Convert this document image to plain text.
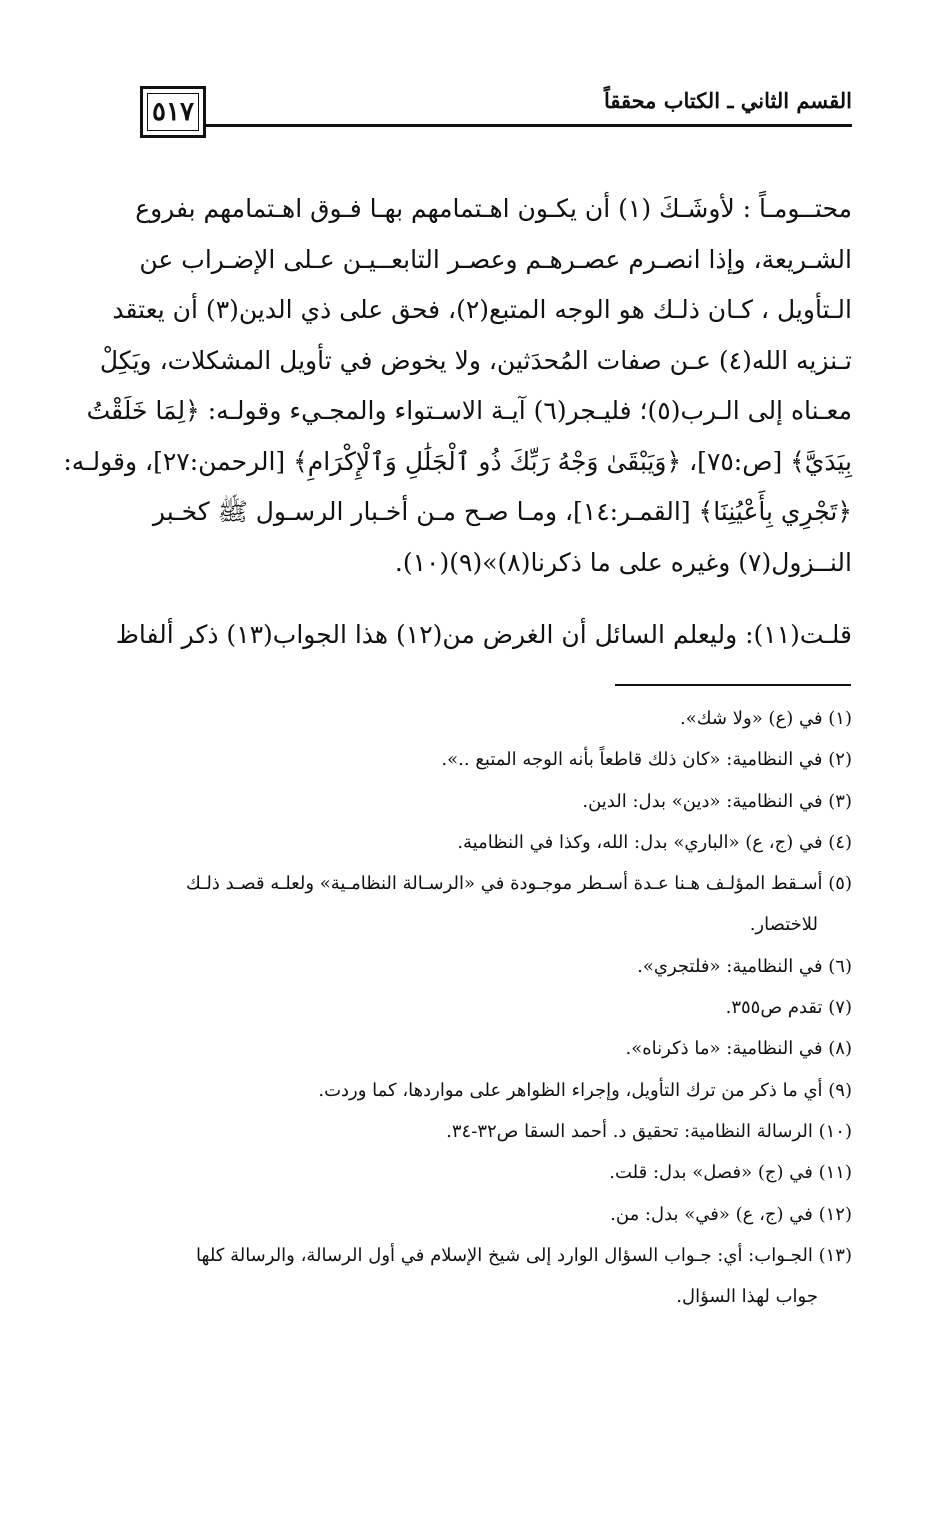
٥١٧	القسم الثاني ـ الكتاب محققاً
محتــومـاً : لأوشَـكَ (١) أن يكـون اهـتمامهم بهـا فـوق اهـتمامهم بفروع
الشـريعة، وإذا انصـرم عصـرهـم وعصـر التابعــيـن عـلى الإضـراب عن
الـتأويل ، كـان ذلـك هو الوجه المتبع(٢)، فحق على ذي الدين(٣) أن يعتقد
تـنزيه الله(٤) عـن صفات المُحدَثين، ولا يخوض في تأويل المشكلات، ويَكِلْ
معـناه إلى الـرب(٥)؛ فليـجر(٦) آيـة الاسـتواء والمجـيء وقولـه: ﴿لِمَا خَلَقْتُ
بِيَدَيَّ﴾ [ص:٧٥]، ﴿وَيَبْقَىٰ وَجْهُ رَبِّكَ ذُو ٱلْجَلَٰلِ وَٱلْإِكْرَامِ﴾ [الرحمن:٢٧]، وقولـه:
﴿تَجْرِي بِأَعْيُنِنَا﴾ [القمـر:١٤]، ومـا صـح مـن أخـبار الرسـول ﷺ كخـبر
النــزول(٧) وغيره على ما ذكرنا(٨)»(٩)(١٠).
قلـت(١١): وليعلم السائل أن الغرض من(١٢) هذا الجواب(١٣) ذكر ألفاظ
(١) في (ع) «ولا شك».
(٢) في النظامية: «كان ذلك قاطعاً بأنه الوجه المتبع ..».
(٣) في النظامية: «دين» بدل: الدين.
(٤) في (ج، ع) «الباري» بدل: الله، وكذا في النظامية.
(٥) أسـقط المؤلـف هـنا عـدة أسـطر موجـودة في «الرسـالة النظامـية» ولعلـه قصـد ذلـك
للاختصار.
(٦) في النظامية: «فلتجري».
(٧) تقدم ص٣٥٥.
(٨) في النظامية: «ما ذكرناه».
(٩) أي ما ذكر من ترك التأويل، وإجراء الظواهر على مواردها، كما وردت.
(١٠) الرسالة النظامية: تحقيق د. أحمد السقا ص٣٢-٣٤.
(١١) في (ج) «فصل» بدل: قلت.
(١٢) في (ج، ع) «في» بدل: من.
(١٣) الجـواب: أي: جـواب السؤال الوارد إلى شيخ الإسلام في أول الرسالة، والرسالة كلها
جواب لهذا السؤال.
